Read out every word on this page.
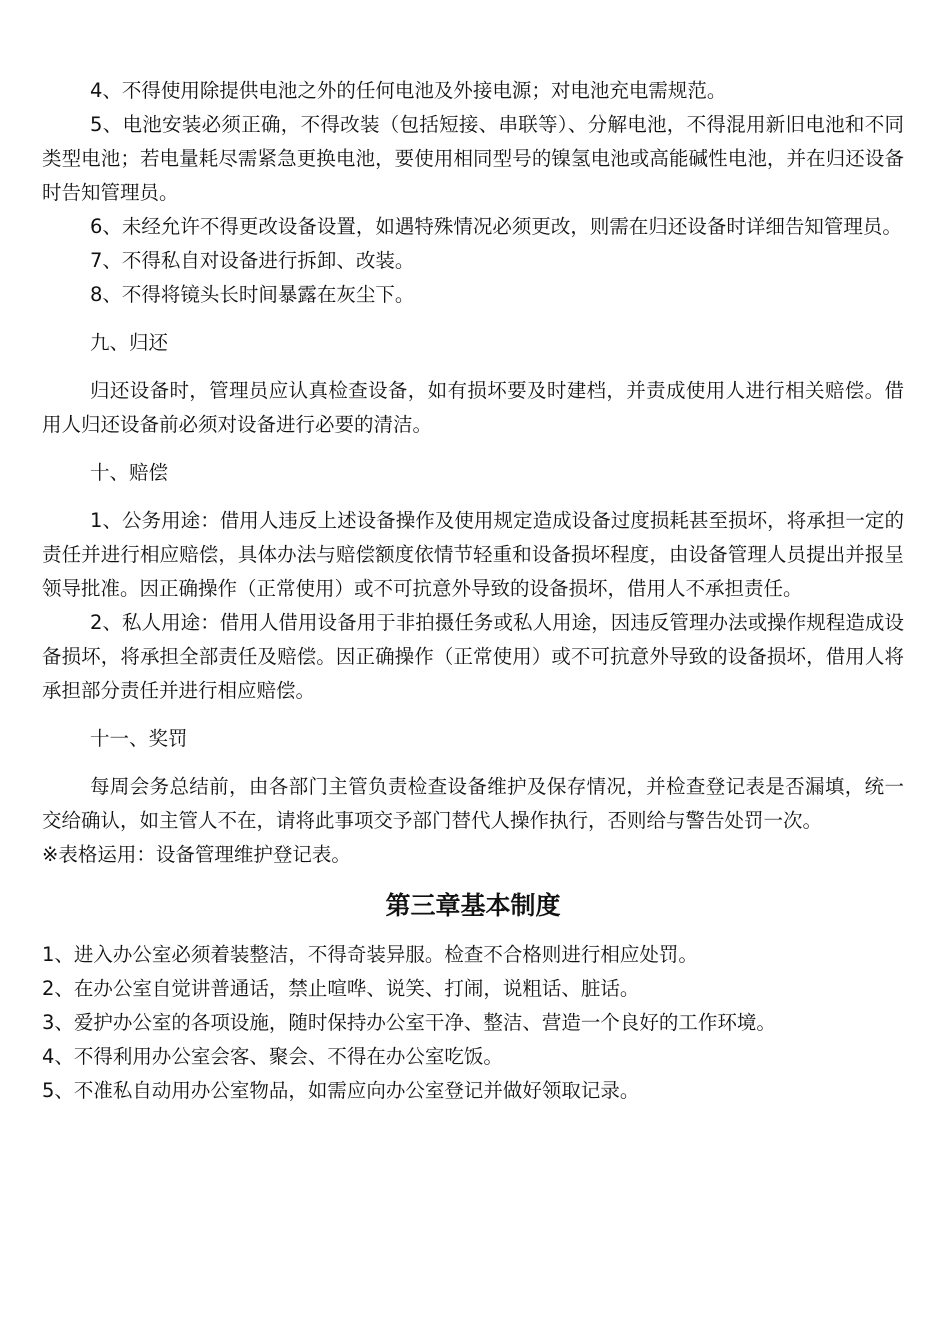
4、不得使用除提供电池之外的任何电池及外接电源；对电池充电需规范。

5、电池安装必须正确，不得改装（包括短接、串联等）、分解电池，不得混用新旧电池和不同类型电池；若电量耗尽需紧急更换电池，要使用相同型号的镍氢电池或高能碱性电池，并在归还设备时告知管理员。

6、未经允许不得更改设备设置，如遇特殊情况必须更改，则需在归还设备时详细告知管理员。

7、不得私自对设备进行拆卸、改装。

8、不得将镜头长时间暴露在灰尘下。

九、归还

归还设备时，管理员应认真检查设备，如有损坏要及时建档，并责成使用人进行相关赔偿。借用人归还设备前必须对设备进行必要的清洁。

十、赔偿

1、公务用途：借用人违反上述设备操作及使用规定造成设备过度损耗甚至损坏，将承担一定的责任并进行相应赔偿，具体办法与赔偿额度依情节轻重和设备损坏程度，由设备管理人员提出并报呈领导批准。因正确操作（正常使用）或不可抗意外导致的设备损坏，借用人不承担责任。

2、私人用途：借用人借用设备用于非拍摄任务或私人用途，因违反管理办法或操作规程造成设备损坏，将承担全部责任及赔偿。因正确操作（正常使用）或不可抗意外导致的设备损坏，借用人将承担部分责任并进行相应赔偿。

十一、奖罚

每周会务总结前，由各部门主管负责检查设备维护及保存情况，并检查登记表是否漏填，统一交给确认，如主管人不在，请将此事项交予部门替代人操作执行，否则给与警告处罚一次。

※表格运用：设备管理维护登记表。

第三章基本制度

1、进入办公室必须着装整洁，不得奇装异服。检查不合格则进行相应处罚。

2、在办公室自觉讲普通话，禁止喧哗、说笑、打闹，说粗话、脏话。

3、爱护办公室的各项设施，随时保持办公室干净、整洁、营造一个良好的工作环境。

4、不得利用办公室会客、聚会、不得在办公室吃饭。

5、不准私自动用办公室物品，如需应向办公室登记并做好领取记录。
